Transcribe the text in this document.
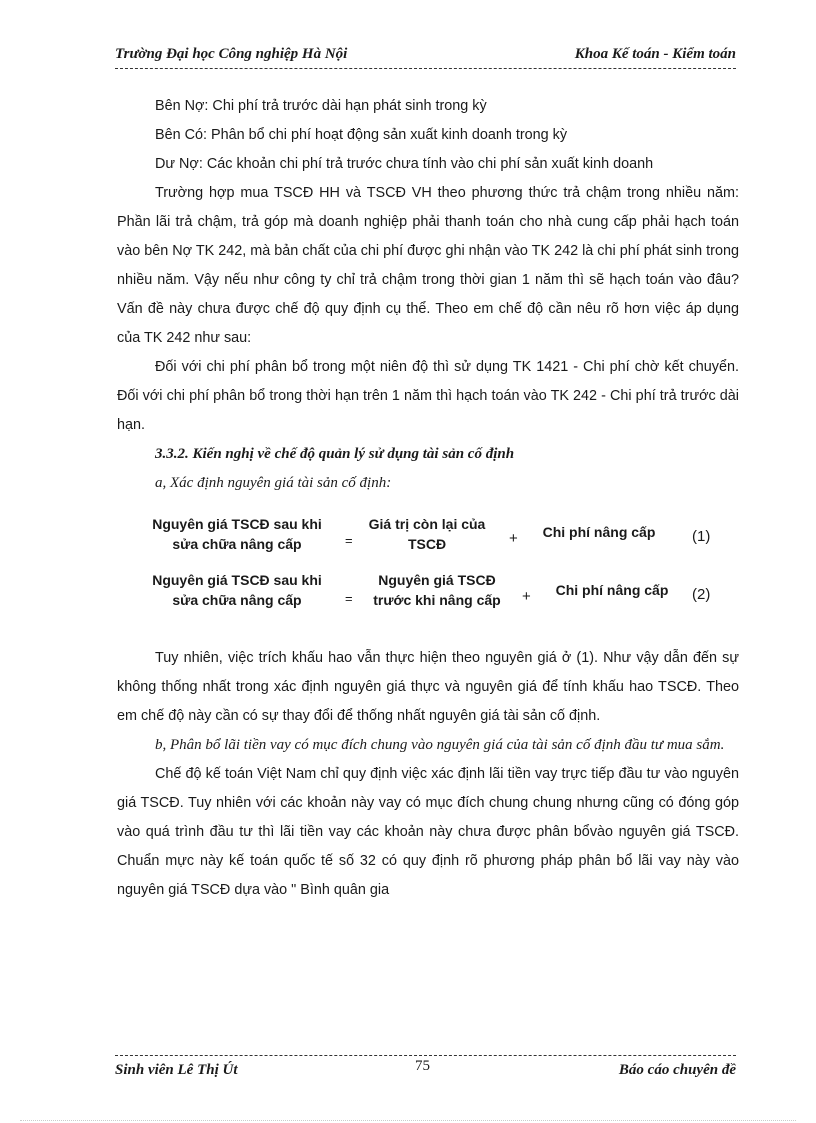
Trường Đại học Công nghiệp Hà Nội	Khoa Kế toán - Kiểm toán

Bên Nợ: Chi phí trả trước dài hạn phát sinh trong kỳ

Bên Có: Phân bổ chi phí hoạt động sản xuất kinh doanh trong kỳ

Dư Nợ: Các khoản chi phí trả trước chưa tính vào chi phí sản xuất kinh doanh

Trường hợp mua TSCĐ HH và TSCĐ VH theo phương thức trả chậm trong nhiều năm: Phần lãi trả chậm, trả góp mà doanh nghiệp phải thanh toán cho nhà cung cấp phải hạch toán vào bên Nợ TK 242, mà bản chất của chi phí được ghi nhận vào TK 242 là chi phí phát sinh trong nhiều năm. Vậy nếu như công ty chỉ trả chậm trong thời gian 1 năm thì sẽ hạch toán vào đâu? Vấn đề này chưa được chế độ quy định cụ thể. Theo em chế độ cần nêu rõ hơn việc áp dụng của TK 242 như sau:

Đối với chi phí phân bổ trong một niên độ thì sử dụng TK 1421 - Chi phí chờ kết chuyển. Đối với chi phí phân bổ trong thời hạn trên 1 năm thì hạch toán vào TK 242 - Chi phí trả trước dài hạn.

3.3.2. Kiến nghị về chế độ quản lý sử dụng tài sản cố định

a, Xác định nguyên giá tài sản cố định:

Nguyên giá TSCĐ sau khi sửa chữa nâng cấp	=
Giá trị còn lại của TSCĐ	+	Chi phí nâng cấp	(1)
Nguyên giá TSCĐ sau khi sửa chữa nâng cấp	=
Nguyên giá TSCĐ trước khi nâng cấp	+	Chi phí nâng cấp	(2)

Tuy nhiên, việc trích khấu hao vẫn thực hiện theo nguyên giá ở (1). Như vậy dẫn đến sự không thống nhất trong xác định nguyên giá thực và nguyên giá để tính khấu hao TSCĐ. Theo em chế độ này cần có sự thay đổi để thống nhất nguyên giá tài sản cố định.

b, Phân bổ lãi tiền vay có mục đích chung vào nguyên giá của tài sản cố định đầu tư mua sắm.

Chế độ kế toán Việt Nam chỉ quy định việc xác định lãi tiền vay trực tiếp đầu tư vào nguyên giá TSCĐ. Tuy nhiên với các khoản này vay có mục đích chung chung nhưng cũng có đóng góp vào quá trình đầu tư thì lãi tiền vay các khoản này chưa được phân bổvào nguyên giá TSCĐ. Chuẩn mực này kế toán quốc tế số 32 có quy định rõ phương pháp phân bổ lãi vay này vào nguyên giá TSCĐ dựa vào " Bình quân gia

Sinh viên Lê Thị Út	75	Báo cáo chuyên đề
